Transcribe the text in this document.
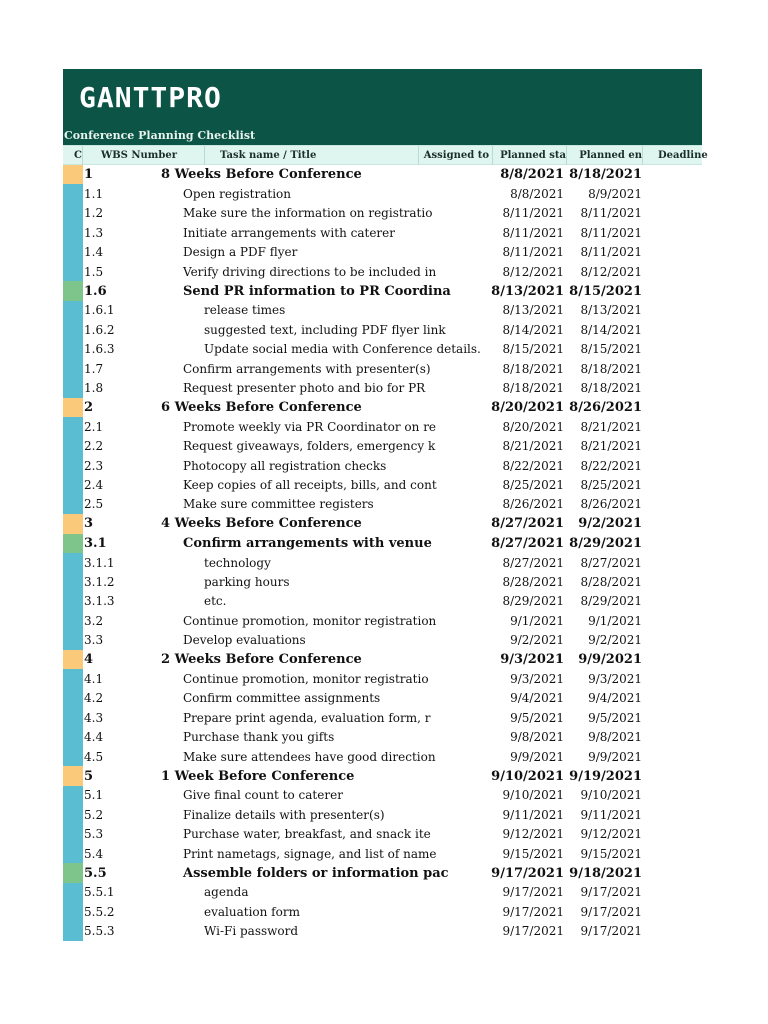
GANTTPRO
Conference Planning Checklist
C	WBS Number	Task name / Title	Assigned to	Planned sta	Planned en	Deadline
1	8 Weeks Before Conference	8/8/2021 8/18/2021
1.1	Open registration	8/8/2021	8/9/2021
1.2	Make sure the information on registratio	8/11/2021	8/11/2021
1.3	Initiate arrangements with caterer	8/11/2021	8/11/2021
1.4	Design a PDF flyer	8/11/2021	8/11/2021
1.5	Verify driving directions to be included in	8/12/2021	8/12/2021
1.6	Send PR information to PR Coordina	8/13/2021 8/15/2021
1.6.1	release times	8/13/2021	8/13/2021
1.6.2	suggested text, including PDF flyer link	8/14/2021	8/14/2021
1.6.3	Update social media with Conference details.	8/15/2021	8/15/2021
1.7	Confirm arrangements with presenter(s)	8/18/2021	8/18/2021
1.8	Request presenter photo and bio for PR	8/18/2021	8/18/2021
2	6 Weeks Before Conference	8/20/2021 8/26/2021
2.1	Promote weekly via PR Coordinator on re	8/20/2021	8/21/2021
2.2	Request giveaways, folders, emergency k	8/21/2021	8/21/2021
2.3	Photocopy all registration checks	8/22/2021	8/22/2021
2.4	Keep copies of all receipts, bills, and cont	8/25/2021	8/25/2021
2.5	Make sure committee registers	8/26/2021	8/26/2021
3	4 Weeks Before Conference	8/27/2021	9/2/2021
3.1	Confirm arrangements with venue	8/27/2021 8/29/2021
3.1.1	technology	8/27/2021	8/27/2021
3.1.2	parking hours	8/28/2021	8/28/2021
3.1.3	etc.	8/29/2021	8/29/2021
3.2	Continue promotion, monitor registration	9/1/2021	9/1/2021
3.3	Develop evaluations	9/2/2021	9/2/2021
4	2 Weeks Before Conference	9/3/2021	9/9/2021
4.1	Continue promotion, monitor registratio	9/3/2021	9/3/2021
4.2	Confirm committee assignments	9/4/2021	9/4/2021
4.3	Prepare print agenda, evaluation form, r	9/5/2021	9/5/2021
4.4	Purchase thank you gifts	9/8/2021	9/8/2021
4.5	Make sure attendees have good direction	9/9/2021	9/9/2021
5	1 Week Before Conference	9/10/2021 9/19/2021
5.1	Give final count to caterer	9/10/2021	9/10/2021
5.2	Finalize details with presenter(s)	9/11/2021	9/11/2021
5.3	Purchase water, breakfast, and snack ite	9/12/2021	9/12/2021
5.4	Print nametags, signage, and list of name	9/15/2021	9/15/2021
5.5	Assemble folders or information pac	9/17/2021 9/18/2021
5.5.1	agenda	9/17/2021	9/17/2021
5.5.2	evaluation form	9/17/2021	9/17/2021
5.5.3	Wi-Fi password	9/17/2021	9/17/2021
